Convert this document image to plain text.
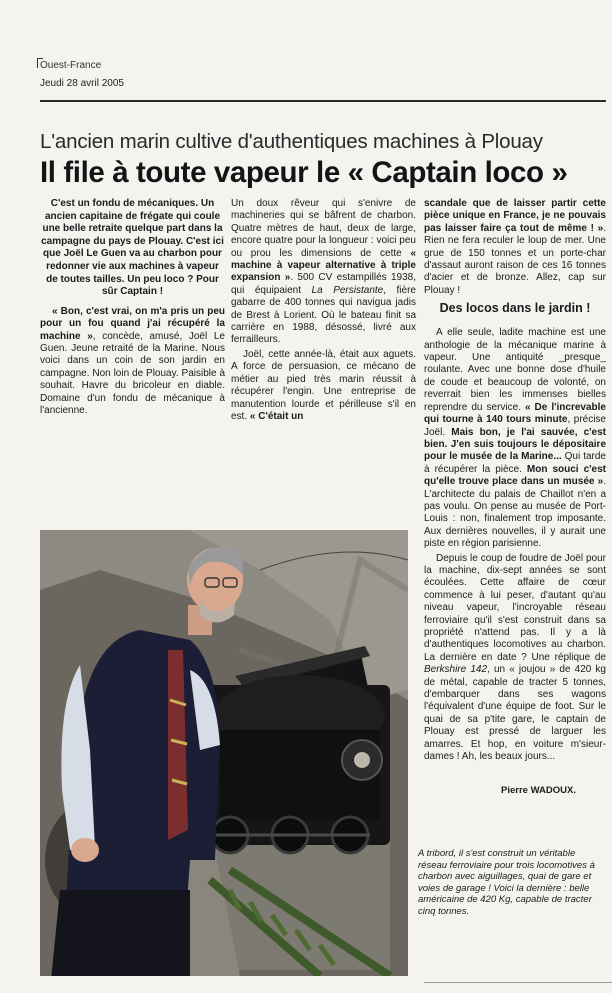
Ouest-France
Jeudi 28 avril 2005
L'ancien marin cultive d'authentiques machines à Plouay
Il file à toute vapeur le « Captain loco »

C'est un fondu de mécaniques. Un ancien capitaine de frégate qui coule une belle retraite quelque part dans la campagne du pays de Plouay. C'est ici que Joël Le Guen va au charbon pour redonner vie aux machines à vapeur de toutes tailles. Un peu loco ? Pour sûr Captain !

« Bon, c'est vrai, on m'a pris un peu pour un fou quand j'ai récupéré la machine », concède, amusé, Joël Le Guen. Jeune retraité de la Marine. Nous voici dans un coin de son jardin en campagne. Non loin de Plouay. Paisible à souhait. Havre du bricoleur en diable. Domaine d'un fondu de mécanique à l'ancienne.

Un doux rêveur qui s'enivre de machineries qui se bâfrent de charbon. Quatre mètres de haut, deux de large, encore quatre pour la longueur : voici peu ou prou les dimensions de cette « machine à vapeur alternative à triple expansion ». 500 CV estampillés 1938, qui équipaient La Persistante, fière gabarre de 400 tonnes qui navigua jadis de Brest à Lorient. Où le bateau finit sa carrière en 1988, désossé, livré aux ferrailleurs.

Joël, cette année-là, était aux aguets. A force de persuasion, ce mécano de métier au pied très marin réussit à récupérer l'engin. Une entreprise de manutention lourde et périlleuse s'il en est. « C'était un

scandale que de laisser partir cette pièce unique en France, je ne pouvais pas laisser faire ça tout de même ! ». Rien ne fera reculer le loup de mer. Une grue de 150 tonnes et un porte-char d'assaut auront raison de ces 16 tonnes d'acier et de bronze. Allez, cap sur Plouay !

Des locos dans le jardin !

A elle seule, ladite machine est une anthologie de la mécanique marine à vapeur. Une antiquité _presque_ roulante. Avec une bonne dose d'huile de coude et beaucoup de volonté, on reverrait bien les immenses bielles reprendre du service. « De l'increvable qui tourne à 140 tours minute, précise Joël. Mais bon, je l'ai sauvée, c'est bien. J'en suis toujours le dépositaire pour le musée de la Marine... Qui tarde à récupérer la pièce. Mon souci c'est qu'elle trouve place dans un musée ». L'architecte du palais de Chaillot n'en a pas voulu. On pense au musée de Port-Louis : non, finalement trop imposante. Aux dernières nouvelles, il y aurait une piste en région parisienne.

Depuis le coup de foudre de Joël pour la machine, dix-sept années se sont écoulées. Cette affaire de cœur commence à lui peser, d'autant qu'au niveau vapeur, l'incroyable réseau ferroviaire qu'il s'est construit dans sa propriété n'attend pas. Il y a là d'authentiques locomotives au charbon. La dernière en date ? Une réplique de Berkshire 142, un « joujou » de 420 kg de métal, capable de tracter 5 tonnes, d'embarquer dans ses wagons l'équivalent d'une équipe de foot. Sur le quai de sa p'tite gare, le captain de Plouay est pressé de larguer les amarres. Et hop, en voiture m'sieur-dames ! Ah, les beaux jours...

Pierre WADOUX.

A tribord, il s'est construit un véritable réseau ferroviaire pour trois locomotives à charbon avec aiguillages, quai de gare et voies de garage ! Voici la dernière : belle américaine de 420 Kg, capable de tracter cinq tonnes.
